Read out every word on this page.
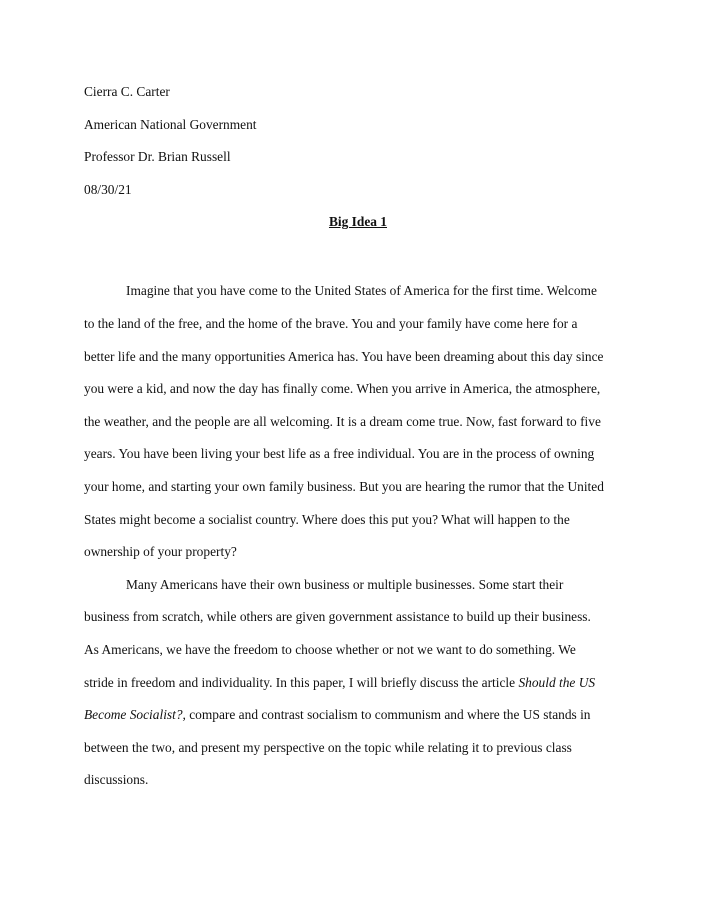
Cierra C. Carter
American National Government
Professor Dr. Brian Russell
08/30/21
Big Idea 1
Imagine that you have come to the United States of America for the first time. Welcome
to the land of the free, and the home of the brave. You and your family have come here for a
better life and the many opportunities America has. You have been dreaming about this day since
you were a kid, and now the day has finally come. When you arrive in America, the atmosphere,
the weather, and the people are all welcoming. It is a dream come true. Now, fast forward to five
years. You have been living your best life as a free individual. You are in the process of owning
your home, and starting your own family business. But you are hearing the rumor that the United
States might become a socialist country. Where does this put you? What will happen to the
ownership of your property?
Many Americans have their own business or multiple businesses. Some start their
business from scratch, while others are given government assistance to build up their business.
As Americans, we have the freedom to choose whether or not we want to do something. We
stride in freedom and individuality. In this paper, I will briefly discuss the article Should the US
Become Socialist?, compare and contrast socialism to communism and where the US stands in
between the two, and present my perspective on the topic while relating it to previous class
discussions.
